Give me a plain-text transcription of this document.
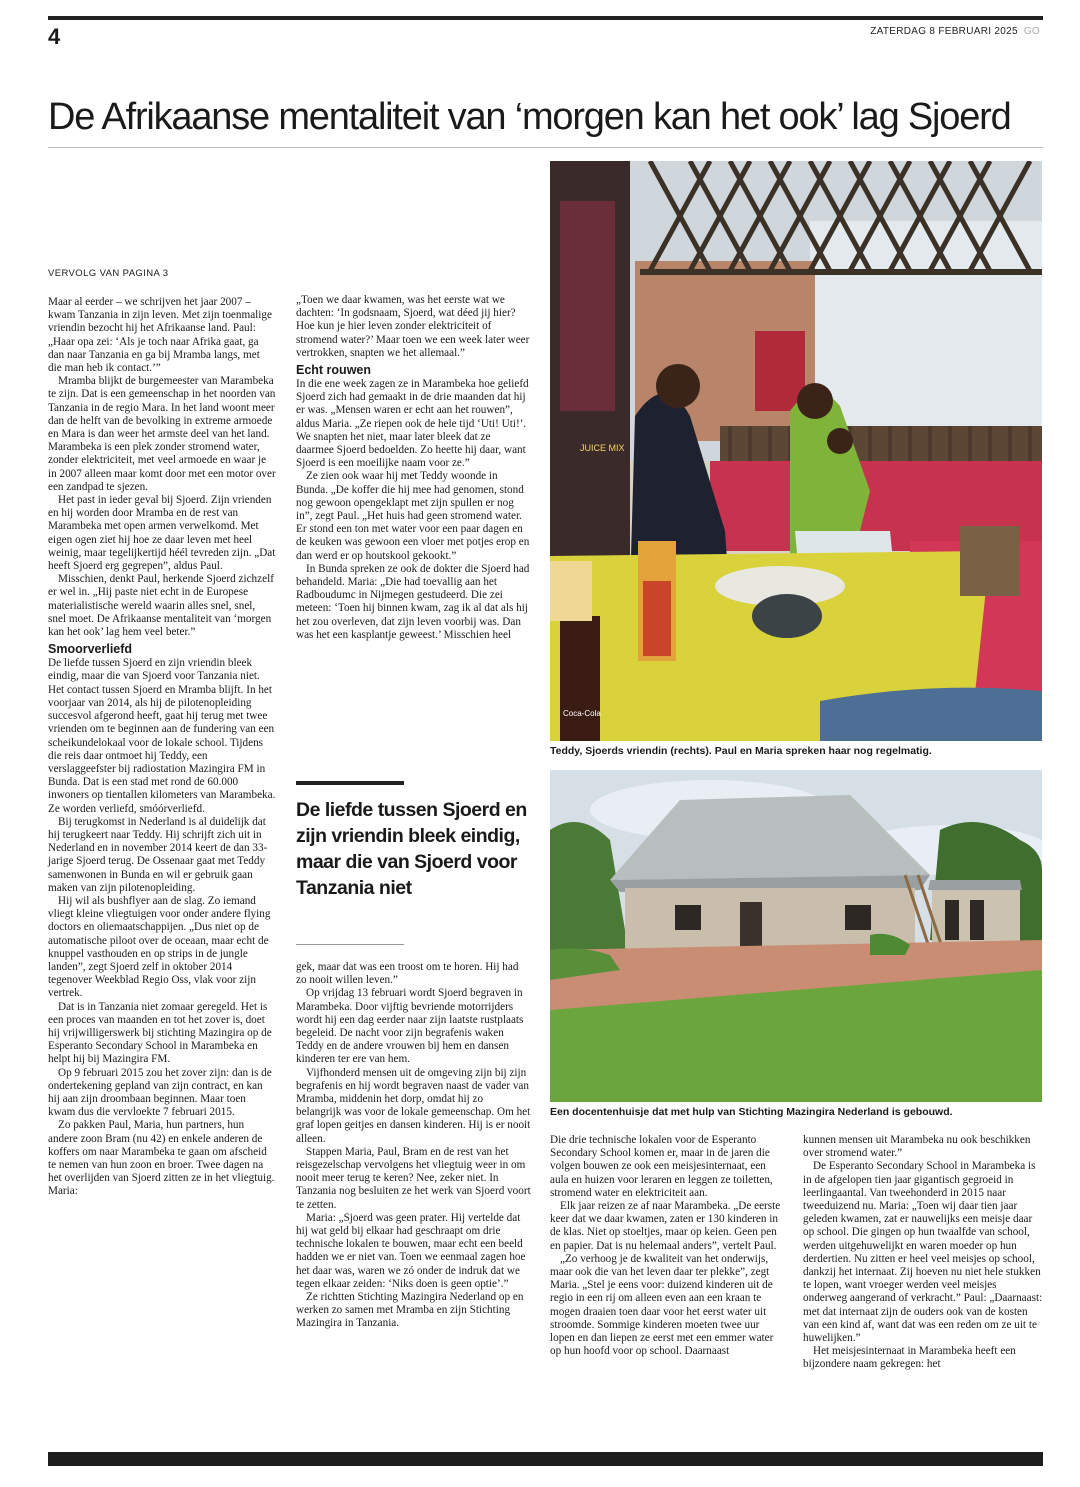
4	ZATERDAG 8 FEBRUARI 2025 GO
De Afrikaanse mentaliteit van ‘morgen kan het ook’ lag Sjoerd
VERVOLG VAN PAGINA 3

Maar al eerder – we schrijven het jaar 2007 – kwam Tanzania in zijn leven. Met zijn toenmalige vriendin bezocht hij het Afrikaanse land. Paul: „Haar opa zei: ‘Als je toch naar Afrika gaat, ga dan naar Tanzania en ga bij Mramba langs, met die man heb ik contact.’”

Mramba blijkt de burgemeester van Marambeka te zijn. Dat is een gemeenschap in het noorden van Tanzania in de regio Mara. In het land woont meer dan de helft van de bevolking in extreme armoede en Mara is dan weer het armste deel van het land. Marambeka is een plek zonder stromend water, zonder elektriciteit, met veel armoede en waar je in 2007 alleen maar komt door met een motor over een zandpad te sjezen.

Het past in ieder geval bij Sjoerd. Zijn vrienden en hij worden door Mramba en de rest van Marambeka met open armen verwelkomd. Met eigen ogen ziet hij hoe ze daar leven met heel weinig, maar tegelijkertijd héél tevreden zijn. „Dat heeft Sjoerd erg gegrepen”, aldus Paul.

Misschien, denkt Paul, herkende Sjoerd zichzelf er wel in. „Hij paste niet echt in de Europese materialistische wereld waarin alles snel, snel, snel moet. De Afrikaanse mentaliteit van ‘morgen kan het ook’ lag hem veel beter.”

Smoorverliefd

De liefde tussen Sjoerd en zijn vriendin bleek eindig, maar die van Sjoerd voor Tanzania niet. Het contact tussen Sjoerd en Mramba blijft. In het voorjaar van 2014, als hij de pilotenopleiding succesvol afgerond heeft, gaat hij terug met twee vrienden om te beginnen aan de fundering van een scheikundelokaal voor de lokale school. Tijdens die reis daar ontmoet hij Teddy, een verslaggeefster bij radiostation Mazingira FM in Bunda. Dat is een stad met rond de 60.000 inwoners op tientallen kilometers van Marambeka. Ze worden verliefd, smóórverliefd.

Bij terugkomst in Nederland is al duidelijk dat hij terugkeert naar Teddy. Hij schrijft zich uit in Nederland en in november 2014 keert de dan 33-jarige Sjoerd terug. De Ossenaar gaat met Teddy samenwonen in Bunda en wil er gebruik gaan maken van zijn pilotenopleiding.

Hij wil als bushflyer aan de slag. Zo iemand vliegt kleine vliegtuigen voor onder andere flying doctors en oliemaatschappijen. „Dus niet op de automatische piloot over de oceaan, maar echt de knuppel vasthouden en op strips in de jungle landen”, zegt Sjoerd zelf in oktober 2014 tegenover Weekblad Regio Oss, vlak voor zijn vertrek.

Dat is in Tanzania niet zomaar geregeld. Het is een proces van maanden en tot het zover is, doet hij vrijwilligerswerk bij stichting Mazingira op de Esperanto Secondary School in Marambeka en helpt hij bij Mazingira FM.

Op 9 februari 2015 zou het zover zijn: dan is de ondertekening gepland van zijn contract, en kan hij aan zijn droombaan beginnen. Maar toen kwam dus die vervloekte 7 februari 2015.

Zo pakken Paul, Maria, hun partners, hun andere zoon Bram (nu 42) en enkele anderen de koffers om naar Marambeka te gaan om afscheid te nemen van hun zoon en broer. Twee dagen na het overlijden van Sjoerd zitten ze in het vliegtuig. Maria:

„Toen we daar kwamen, was het eerste wat we dachten: ‘In godsnaam, Sjoerd, wat déed jij hier? Hoe kun je hier leven zonder elektriciteit of stromend water?’ Maar toen we een week later weer vertrokken, snapten we het allemaal.”

Echt rouwen

In die ene week zagen ze in Marambeka hoe geliefd Sjoerd zich had gemaakt in de drie maanden dat hij er was. „Mensen waren er echt aan het rouwen”, aldus Maria. „Ze riepen ook de hele tijd ‘Uti! Uti!’. We snapten het niet, maar later bleek dat ze daarmee Sjoerd bedoelden. Zo heette hij daar, want Sjoerd is een moeilijke naam voor ze.”

Ze zien ook waar hij met Teddy woonde in Bunda. „De koffer die hij mee had genomen, stond nog gewoon opengeklapt met zijn spullen er nog in”, zegt Paul. „Het huis had geen stromend water. Er stond een ton met water voor een paar dagen en de keuken was gewoon een vloer met potjes erop en dan werd er op houtskool gekookt.”

In Bunda spreken ze ook de dokter die Sjoerd had behandeld. Maria: „Die had toevallig aan het Radboudumc in Nijmegen gestudeerd. Die zei meteen: ‘Toen hij binnen kwam, zag ik al dat als hij het zou overleven, dat zijn leven voorbij was. Dan was het een kasplantje geweest.’ Misschien heel

De liefde tussen Sjoerd en zijn vriendin bleek eindig, maar die van Sjoerd voor Tanzania niet

gek, maar dat was een troost om te horen. Hij had zo nooit willen leven.”

Op vrijdag 13 februari wordt Sjoerd begraven in Marambeka. Door vijftig bevriende motorrijders wordt hij een dag eerder naar zijn laatste rustplaats begeleid. De nacht voor zijn begrafenis waken Teddy en de andere vrouwen bij hem en dansen kinderen ter ere van hem.

Vijfhonderd mensen uit de omgeving zijn bij zijn begrafenis en hij wordt begraven naast de vader van Mramba, middenin het dorp, omdat hij zo belangrijk was voor de lokale gemeenschap. Om het graf lopen geitjes en dansen kinderen. Hij is er nooit alleen.

Stappen Maria, Paul, Bram en de rest van het reisgezelschap vervolgens het vliegtuig weer in om nooit meer terug te keren? Nee, zeker niet. In Tanzania nog besluiten ze het werk van Sjoerd voort te zetten.

Maria: „Sjoerd was geen prater. Hij vertelde dat hij wat geld bij elkaar had geschraapt om drie technische lokalen te bouwen, maar echt een beeld hadden we er niet van. Toen we eenmaal zagen hoe het daar was, waren we zó onder de indruk dat we tegen elkaar zeiden: ‘Niks doen is geen optie’.”

Ze richtten Stichting Mazingira Nederland op en werken zo samen met Mramba en zijn Stichting Mazingira in Tanzania.

JUICE MIX
Coca-Cola
Teddy, Sjoerds vriendin (rechts). Paul en Maria spreken haar nog regelmatig.
Een docentenhuisje dat met hulp van Stichting Mazingira Nederland is gebouwd.

Die drie technische lokalen voor de Esperanto Secondary School komen er, maar in de jaren die volgen bouwen ze ook een meisjesinternaat, een aula en huizen voor leraren en leggen ze toiletten, stromend water en elektriciteit aan.

Elk jaar reizen ze af naar Marambeka. „De eerste keer dat we daar kwamen, zaten er 130 kinderen in de klas. Niet op stoeltjes, maar op keien. Geen pen en papier. Dat is nu helemaal anders”, vertelt Paul.

„Zo verhoog je de kwaliteit van het onderwijs, maar ook die van het leven daar ter plekke”, zegt Maria. „Stel je eens voor: duizend kinderen uit de regio in een rij om alleen even aan een kraan te mogen draaien toen daar voor het eerst water uit stroomde. Sommige kinderen moeten twee uur lopen en dan liepen ze eerst met een emmer water op hun hoofd voor op school. Daarnaast

kunnen mensen uit Marambeka nu ook beschikken over stromend water.”

De Esperanto Secondary School in Marambeka is in de afgelopen tien jaar gigantisch gegroeid in leerlingaantal. Van tweehonderd in 2015 naar tweeduizend nu. Maria: „Toen wij daar tien jaar geleden kwamen, zat er nauwelijks een meisje daar op school. Die gingen op hun twaalfde van school, werden uitgehuwelijkt en waren moeder op hun derdertien. Nu zitten er heel veel meisjes op school, dankzij het internaat. Zij hoeven nu niet hele stukken te lopen, want vroeger werden veel meisjes onderweg aangerand of verkracht.” Paul: „Daarnaast: met dat internaat zijn de ouders ook van de kosten van een kind af, want dat was een reden om ze uit te huwelijken.”

Het meisjesinternaat in Marambeka heeft een bijzondere naam gekregen: het
